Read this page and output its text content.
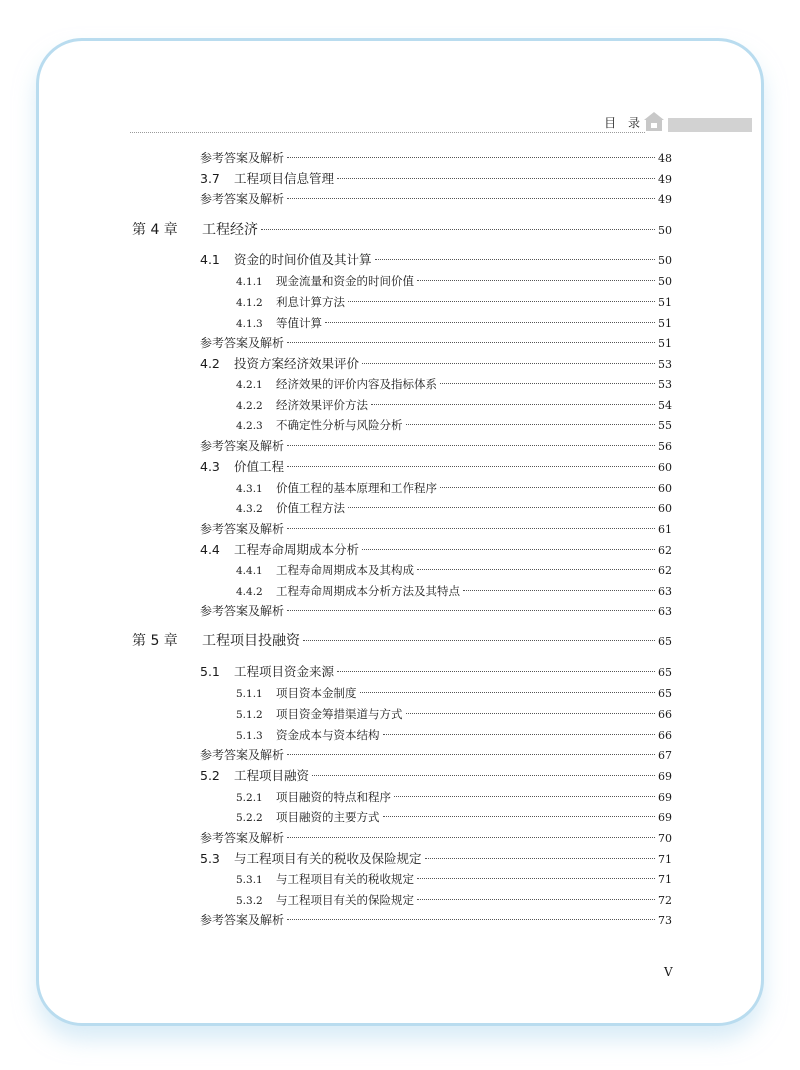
目 录
参考答案及解析	48
3.7	工程项目信息管理	49
参考答案及解析	49
第 4 章	工程经济	50
4.1	资金的时间价值及其计算	50
4.1.1	现金流量和资金的时间价值	50
4.1.2	利息计算方法	51
4.1.3	等值计算	51
参考答案及解析	51
4.2	投资方案经济效果评价	53
4.2.1	经济效果的评价内容及指标体系	53
4.2.2	经济效果评价方法	54
4.2.3	不确定性分析与风险分析	55
参考答案及解析	56
4.3	价值工程	60
4.3.1	价值工程的基本原理和工作程序	60
4.3.2	价值工程方法	60
参考答案及解析	61
4.4	工程寿命周期成本分析	62
4.4.1	工程寿命周期成本及其构成	62
4.4.2	工程寿命周期成本分析方法及其特点	63
参考答案及解析	63
第 5 章	工程项目投融资	65
5.1	工程项目资金来源	65
5.1.1	项目资本金制度	65
5.1.2	项目资金筹措渠道与方式	66
5.1.3	资金成本与资本结构	66
参考答案及解析	67
5.2	工程项目融资	69
5.2.1	项目融资的特点和程序	69
5.2.2	项目融资的主要方式	69
参考答案及解析	70
5.3	与工程项目有关的税收及保险规定	71
5.3.1	与工程项目有关的税收规定	71
5.3.2	与工程项目有关的保险规定	72
参考答案及解析	73
V
